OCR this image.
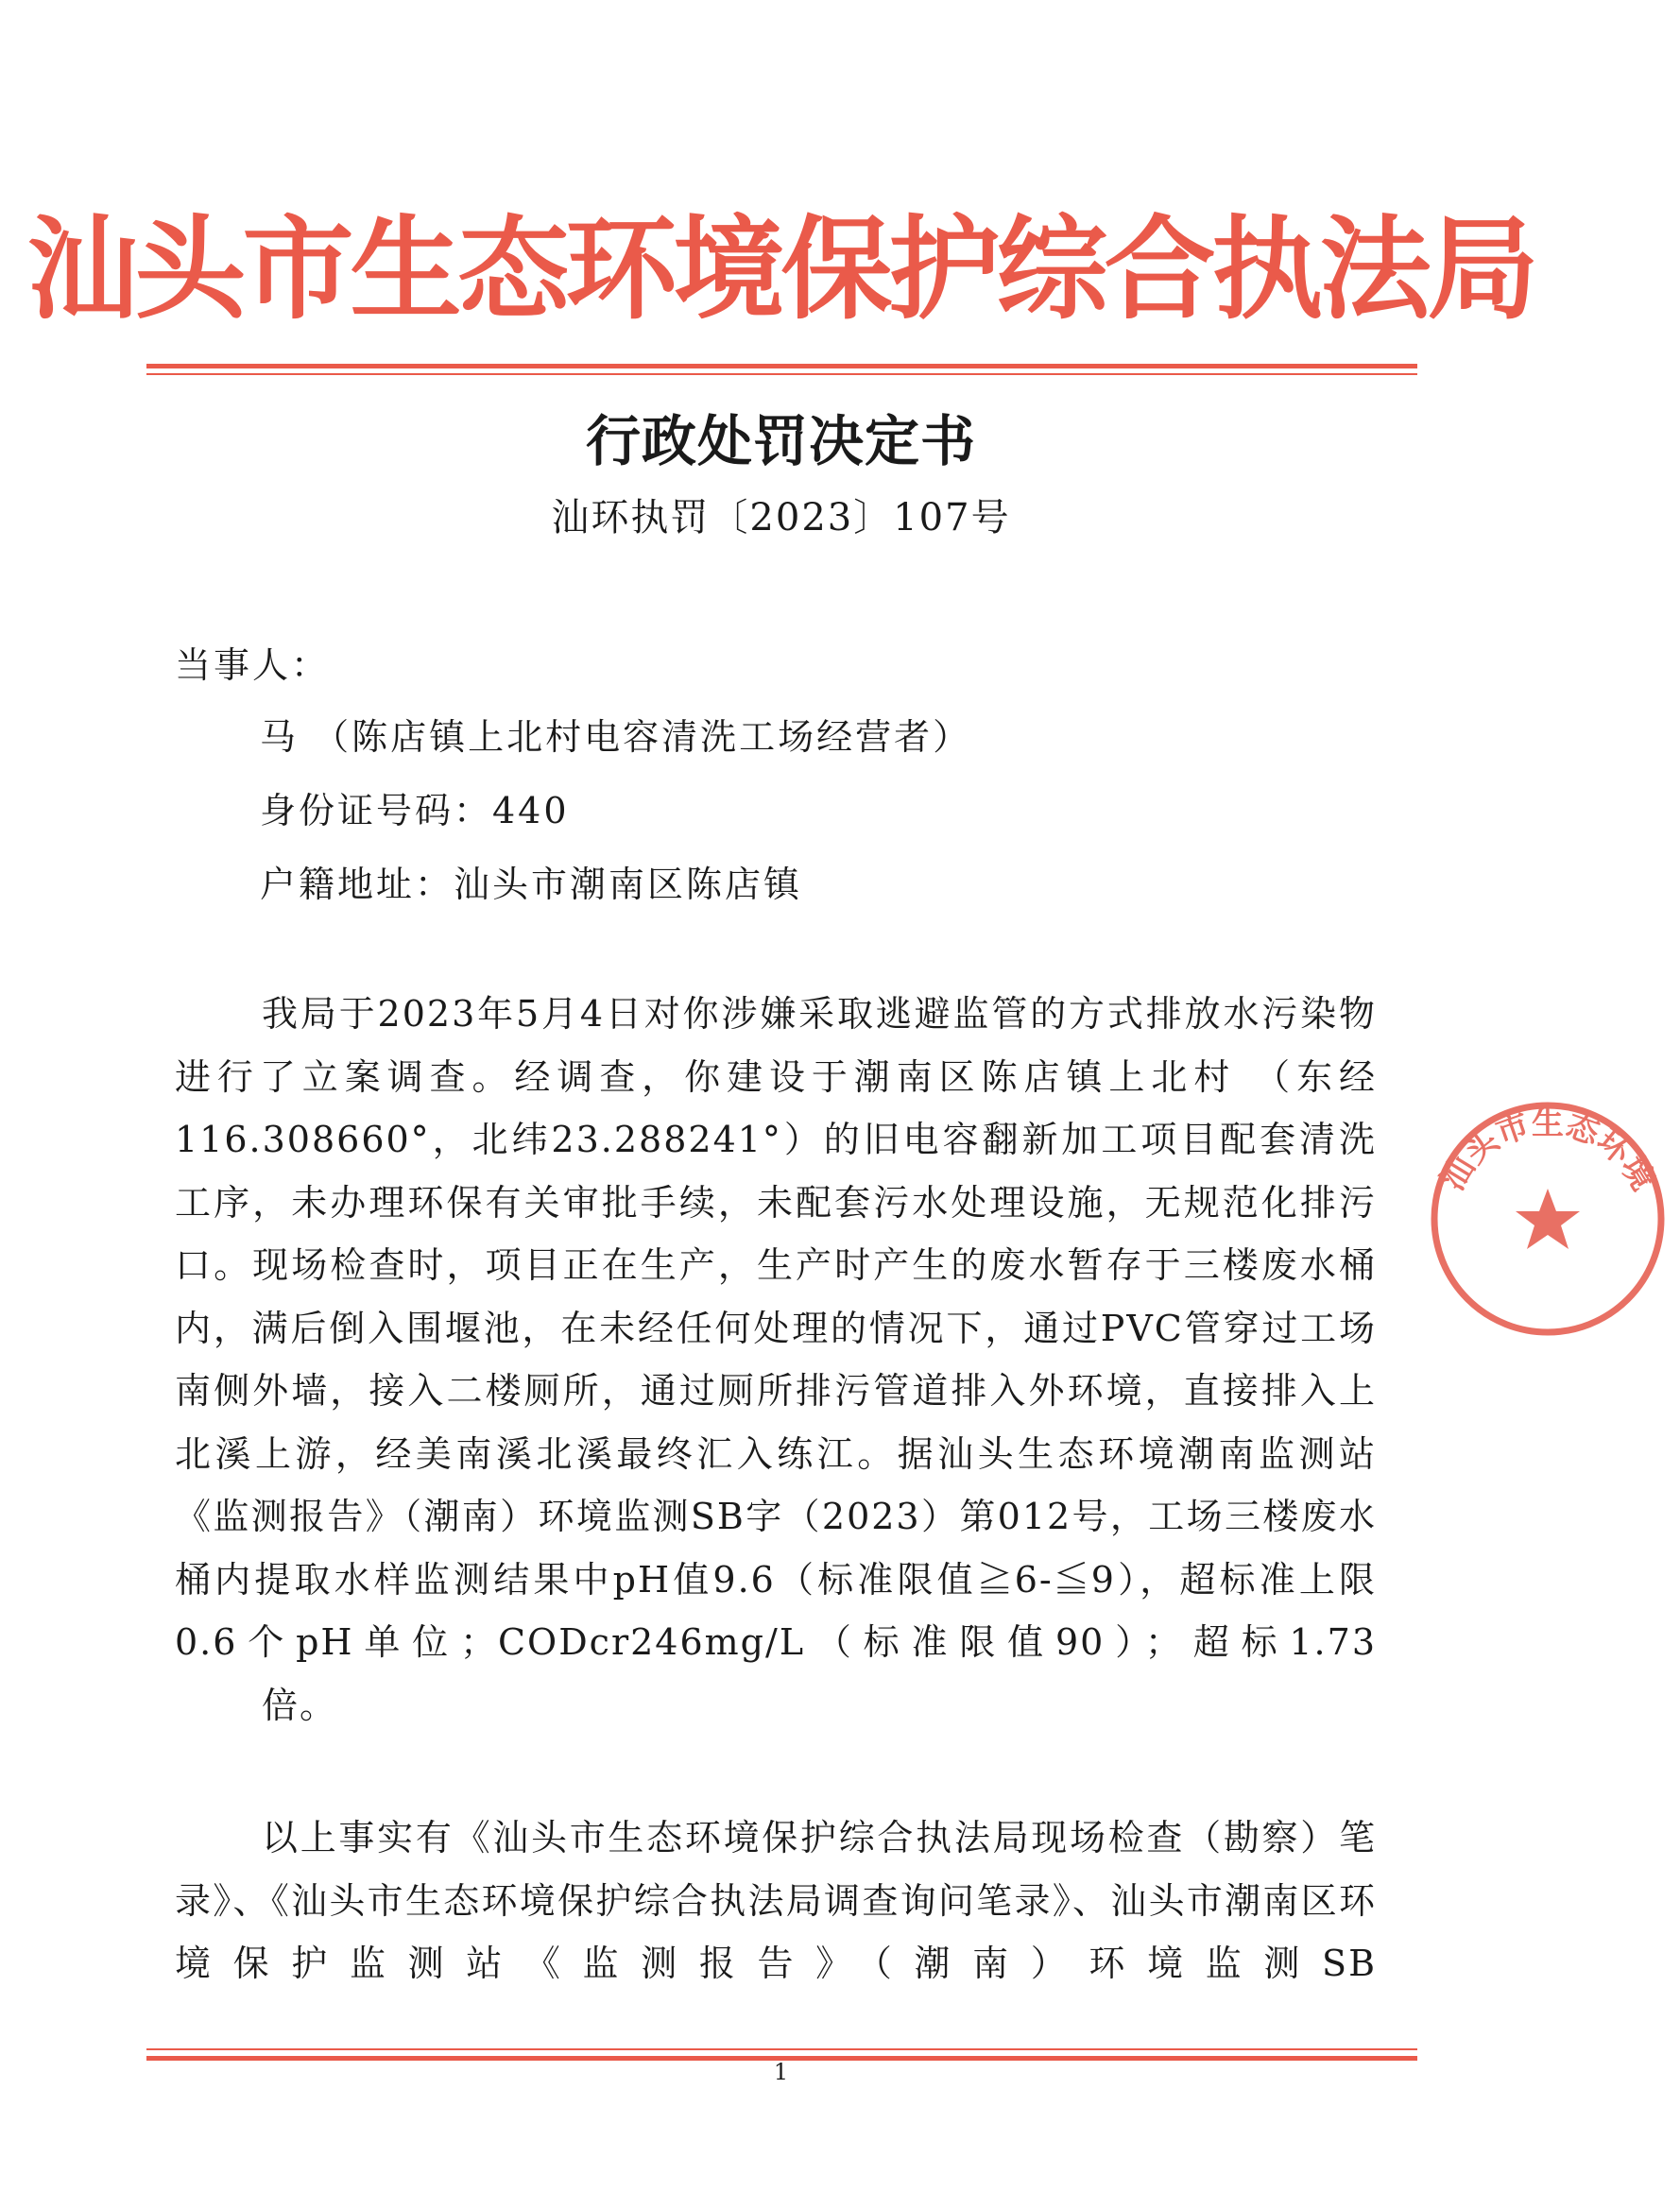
汕头市生态环境保护综合执法局
行政处罚决定书
汕环执罚〔2023〕107号
当事人：
马 （陈店镇上北村电容清洗工场经营者）
身份证号码：440
户籍地址：汕头市潮南区陈店镇
我局于2023年5月4日对你涉嫌采取逃避监管的方式排放水污染物进行了立案调查。经调查，你建设于潮南区陈店镇上北村 （东经116.308660°，北纬23.288241°）的旧电容翻新加工项目配套清洗工序，未办理环保有关审批手续，未配套污水处理设施，无规范化排污口。现场检查时，项目正在生产，生产时产生的废水暂存于三楼废水桶内，满后倒入围堰池，在未经任何处理的情况下，通过PVC管穿过工场南侧外墙，接入二楼厕所，通过厕所排污管道排入外环境，直接排入上北溪上游，经美南溪北溪最终汇入练江。据汕头生态环境潮南监测站《监测报告》（潮南）环境监测SB字（2023）第012号，工场三楼废水桶内提取水样监测结果中pH值9.6（标准限值≧6-≦9），超标准上限0.6个pH单位；CODcr246mg/L（标准限值90）；超标1.73
倍。
以上事实有《汕头市生态环境保护综合执法局现场检查（勘察）笔录》、《汕头市生态环境保护综合执法局调查询问笔录》、汕头市潮南区环境保护监测站《监测报告》（潮南）环境监测SB
1
汕头市生态环境
